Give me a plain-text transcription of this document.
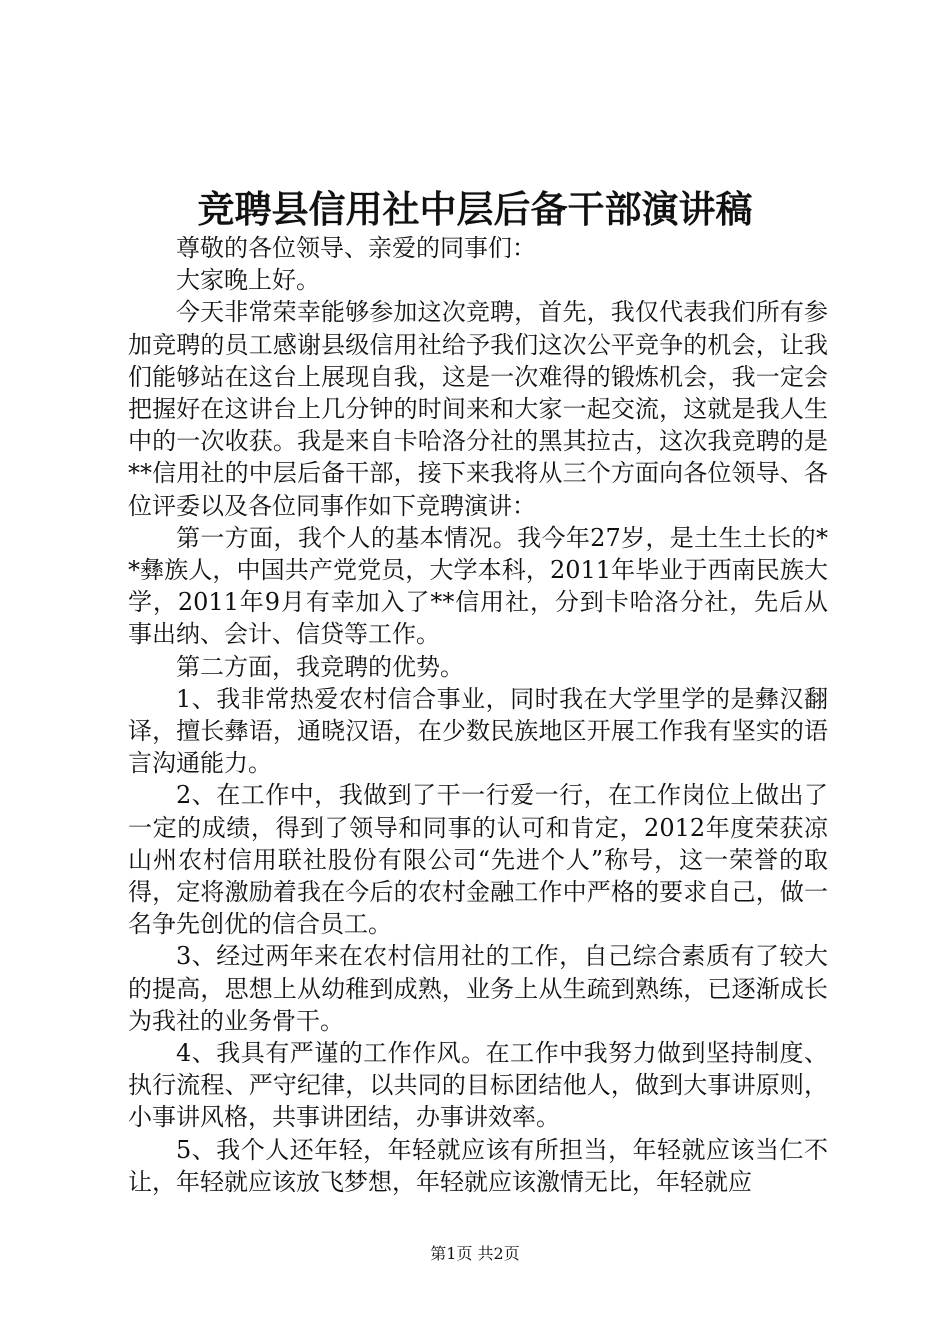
竞聘县信用社中层后备干部演讲稿

尊敬的各位领导、亲爱的同事们：

大家晚上好。

今天非常荣幸能够参加这次竞聘，首先，我仅代表我们所有参加竞聘的员工感谢县级信用社给予我们这次公平竞争的机会，让我们能够站在这台上展现自我，这是一次难得的锻炼机会，我一定会把握好在这讲台上几分钟的时间来和大家一起交流，这就是我人生中的一次收获。我是来自卡哈洛分社的黑其拉古，这次我竞聘的是**信用社的中层后备干部，接下来我将从三个方面向各位领导、各位评委以及各位同事作如下竞聘演讲：

第一方面，我个人的基本情况。我今年27岁，是土生土长的**彝族人，中国共产党党员，大学本科，2011年毕业于西南民族大学，2011年9月有幸加入了**信用社，分到卡哈洛分社，先后从事出纳、会计、信贷等工作。

第二方面，我竞聘的优势。

1、我非常热爱农村信合事业，同时我在大学里学的是彝汉翻译，擅长彝语，通晓汉语，在少数民族地区开展工作我有坚实的语言沟通能力。

2、在工作中，我做到了干一行爱一行，在工作岗位上做出了一定的成绩，得到了领导和同事的认可和肯定，2012年度荣获凉山州农村信用联社股份有限公司“先进个人”称号，这一荣誉的取得，定将激励着我在今后的农村金融工作中严格的要求自己，做一名争先创优的信合员工。

3、经过两年来在农村信用社的工作，自己综合素质有了较大的提高，思想上从幼稚到成熟，业务上从生疏到熟练，已逐渐成长为我社的业务骨干。

4、我具有严谨的工作作风。在工作中我努力做到坚持制度、执行流程、严守纪律，以共同的目标团结他人，做到大事讲原则，小事讲风格，共事讲团结，办事讲效率。

5、我个人还年轻，年轻就应该有所担当，年轻就应该当仁不让，年轻就应该放飞梦想，年轻就应该激情无比，年轻就应

第1页 共2页
